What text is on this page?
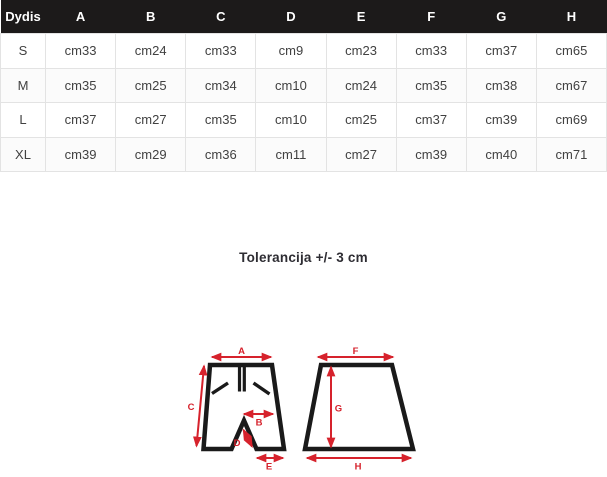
Dydis	A	B	C	D	E	F	G	H
S	cm33	cm24	cm33	cm9	cm23	cm33	cm37	cm65
M	cm35	cm25	cm34	cm10	cm24	cm35	cm38	cm67
L	cm37	cm27	cm35	cm10	cm25	cm37	cm39	cm69
XL	cm39	cm29	cm36	cm11	cm27	cm39	cm40	cm71
Tolerancija +/- 3 cm
A
B
C
D
E
F
G
H
